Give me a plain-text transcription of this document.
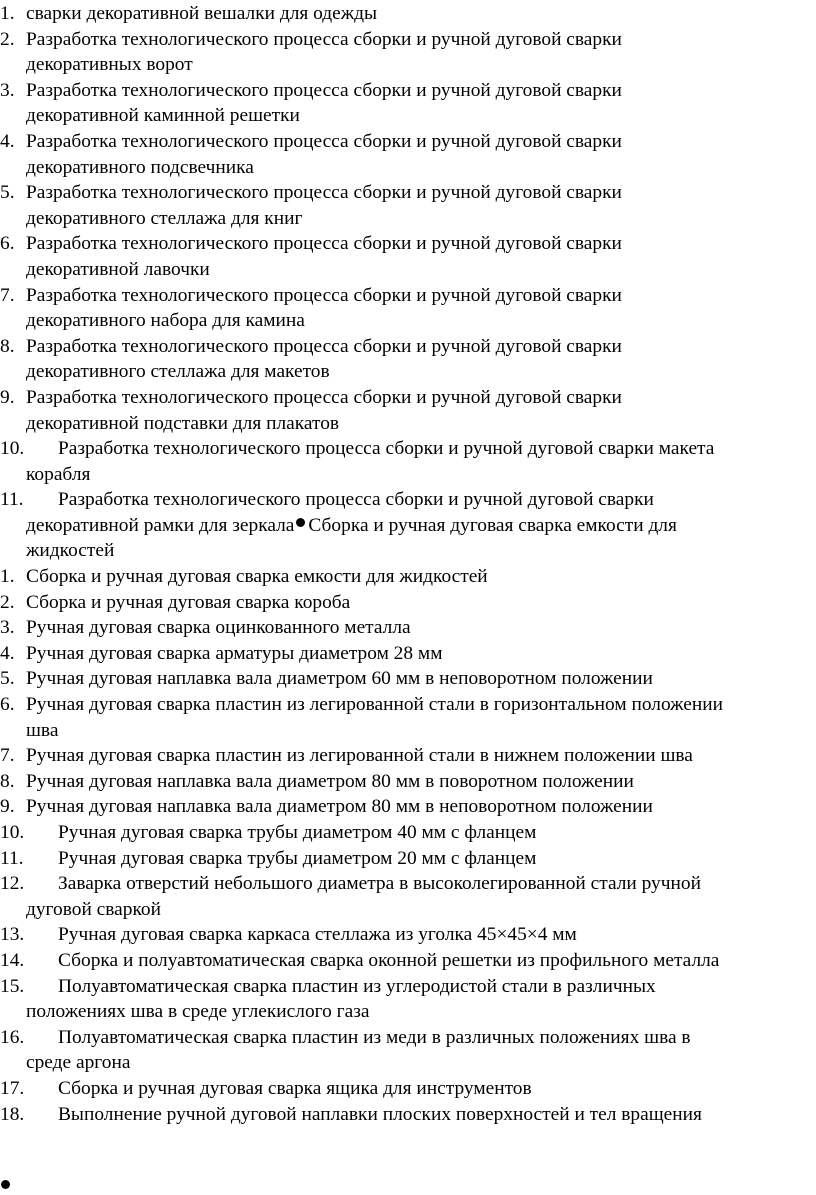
1. сварки декоративной вешалки для одежды
2. Разработка технологического процесса сборки и ручной дуговой сварки
декоративных ворот
3. Разработка технологического процесса сборки и ручной дуговой сварки
декоративной каминной решетки
4. Разработка технологического процесса сборки и ручной дуговой сварки
декоративного подсвечника
5. Разработка технологического процесса сборки и ручной дуговой сварки
декоративного стеллажа для книг
6. Разработка технологического процесса сборки и ручной дуговой сварки
декоративной лавочки
7. Разработка технологического процесса сборки и ручной дуговой сварки
декоративного набора для камина
8. Разработка технологического процесса сборки и ручной дуговой сварки
декоративного стеллажа для макетов
9. Разработка технологического процесса сборки и ручной дуговой сварки
декоративной подставки для плакатов
10.	Разработка технологического процесса сборки и ручной дуговой сварки макета
корабля
11.	Разработка технологического процесса сборки и ручной дуговой сварки
декоративной рамки для зеркала Сборка и ручная дуговая сварка емкости для
жидкостей
1. Сборка и ручная дуговая сварка емкости для жидкостей
2. Сборка и ручная дуговая сварка короба
3. Ручная дуговая сварка оцинкованного металла
4. Ручная дуговая сварка арматуры диаметром 28 мм
5. Ручная дуговая наплавка вала диаметром 60 мм в неповоротном положении
6. Ручная дуговая сварка пластин из легированной стали в горизонтальном положении
шва
7. Ручная дуговая сварка пластин из легированной стали в нижнем положении шва
8. Ручная дуговая наплавка вала диаметром 80 мм в поворотном положении
9. Ручная дуговая наплавка вала диаметром 80 мм в неповоротном положении
10.	Ручная дуговая сварка трубы диаметром 40 мм с фланцем
11.	Ручная дуговая сварка трубы диаметром 20 мм с фланцем
12.	Заварка отверстий небольшого диаметра в высоколегированной стали ручной
дуговой сваркой
13.	Ручная дуговая сварка каркаса стеллажа из уголка 45×45×4 мм
14.	Сборка и полуавтоматическая сварка оконной решетки из профильного металла
15.	Полуавтоматическая сварка пластин из углеродистой стали в различных
положениях шва в среде углекислого газа
16.	Полуавтоматическая сварка пластин из меди в различных положениях шва в
среде аргона
17.	Сборка и ручная дуговая сварка ящика для инструментов
18.	Выполнение ручной дуговой наплавки плоских поверхностей и тел вращения
